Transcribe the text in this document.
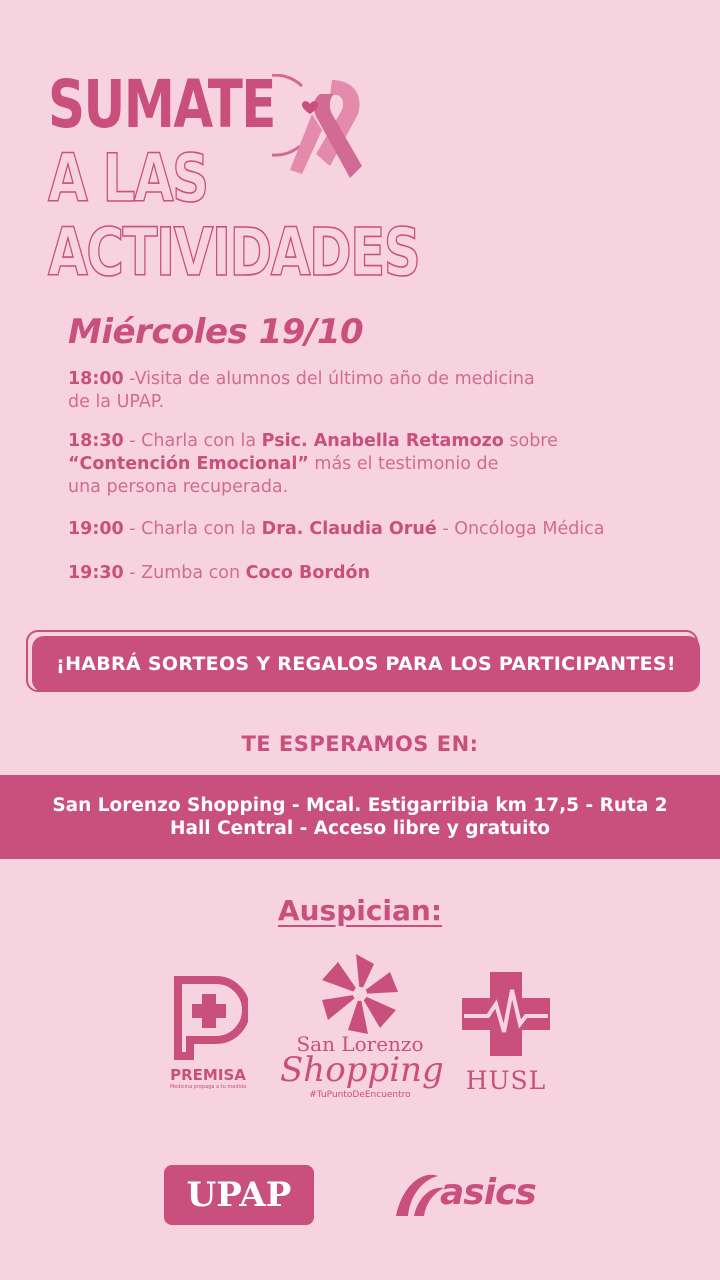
SUMATE
A LAS
ACTIVIDADES
Miércoles 19/10
18:00 -Visita de alumnos del último año de medicina
de la UPAP.
18:30 - Charla con la Psic. Anabella Retamozo sobre
“Contención Emocional” más el testimonio de
una persona recuperada.
19:00 - Charla con la Dra. Claudia Orué - Oncóloga Médica
19:30 - Zumba con Coco Bordón
¡HABRÁ SORTEOS Y REGALOS PARA LOS PARTICIPANTES!
TE ESPERAMOS EN:
San Lorenzo Shopping - Mcal. Estigarribia km 17,5 - Ruta 2
Hall Central - Acceso libre y gratuito
Auspician:
PREMISA
Medicina prepaga a tu medida
San Lorenzo
Shopping
#TuPuntoDeEncuentro	HUSL
UPAP	asics
